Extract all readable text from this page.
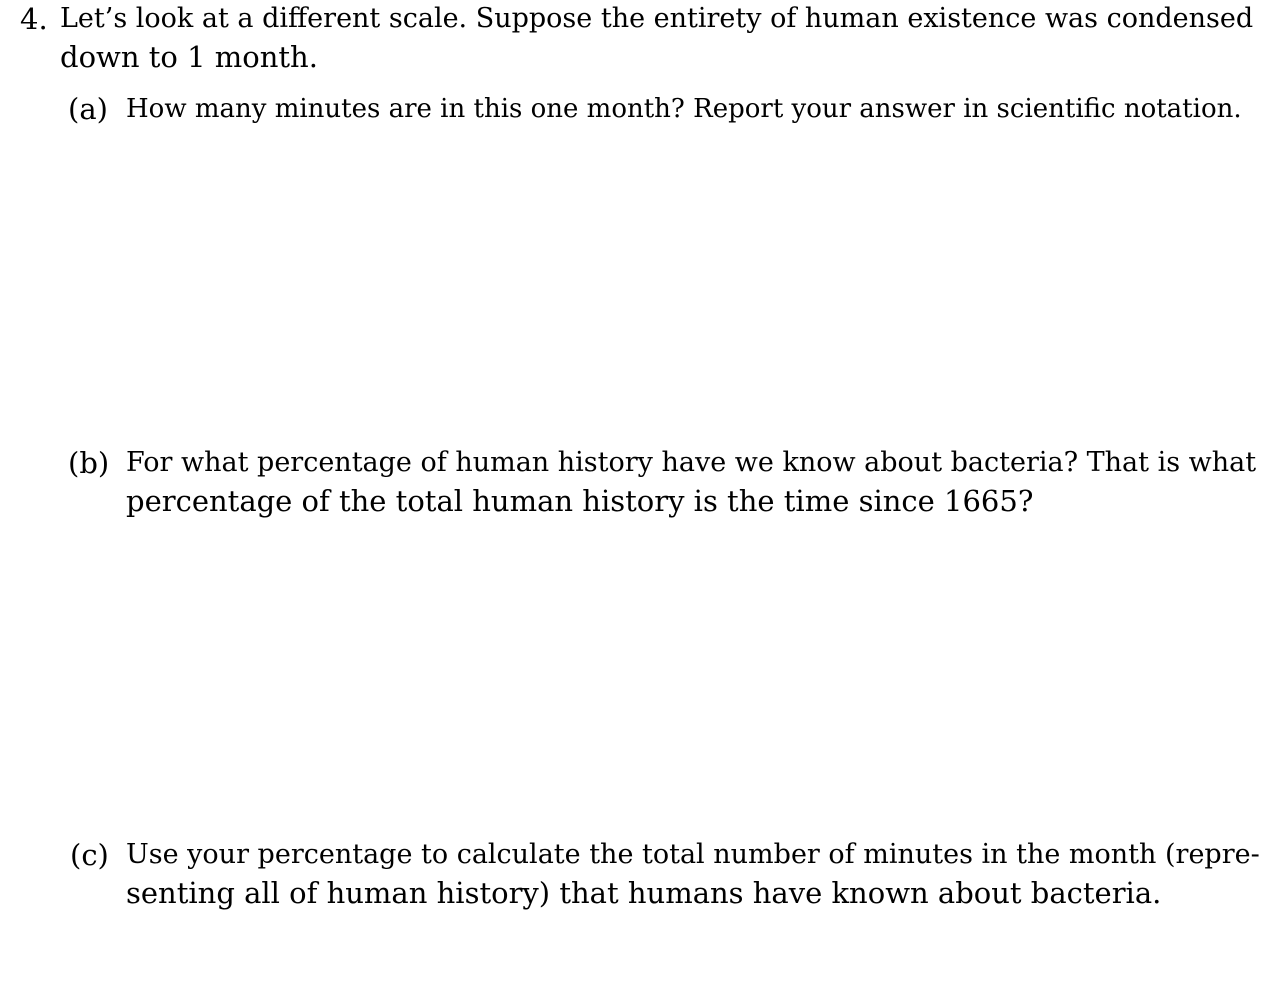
4. Let’s look at a different scale. Suppose the entirety of human existence was condensed
down to 1 month.
(a) How many minutes are in this one month? Report your answer in scientific notation.
(b) For what percentage of human history have we know about bacteria? That is what
percentage of the total human history is the time since 1665?
(c) Use your percentage to calculate the total number of minutes in the month (repre-
senting all of human history) that humans have known about bacteria.
